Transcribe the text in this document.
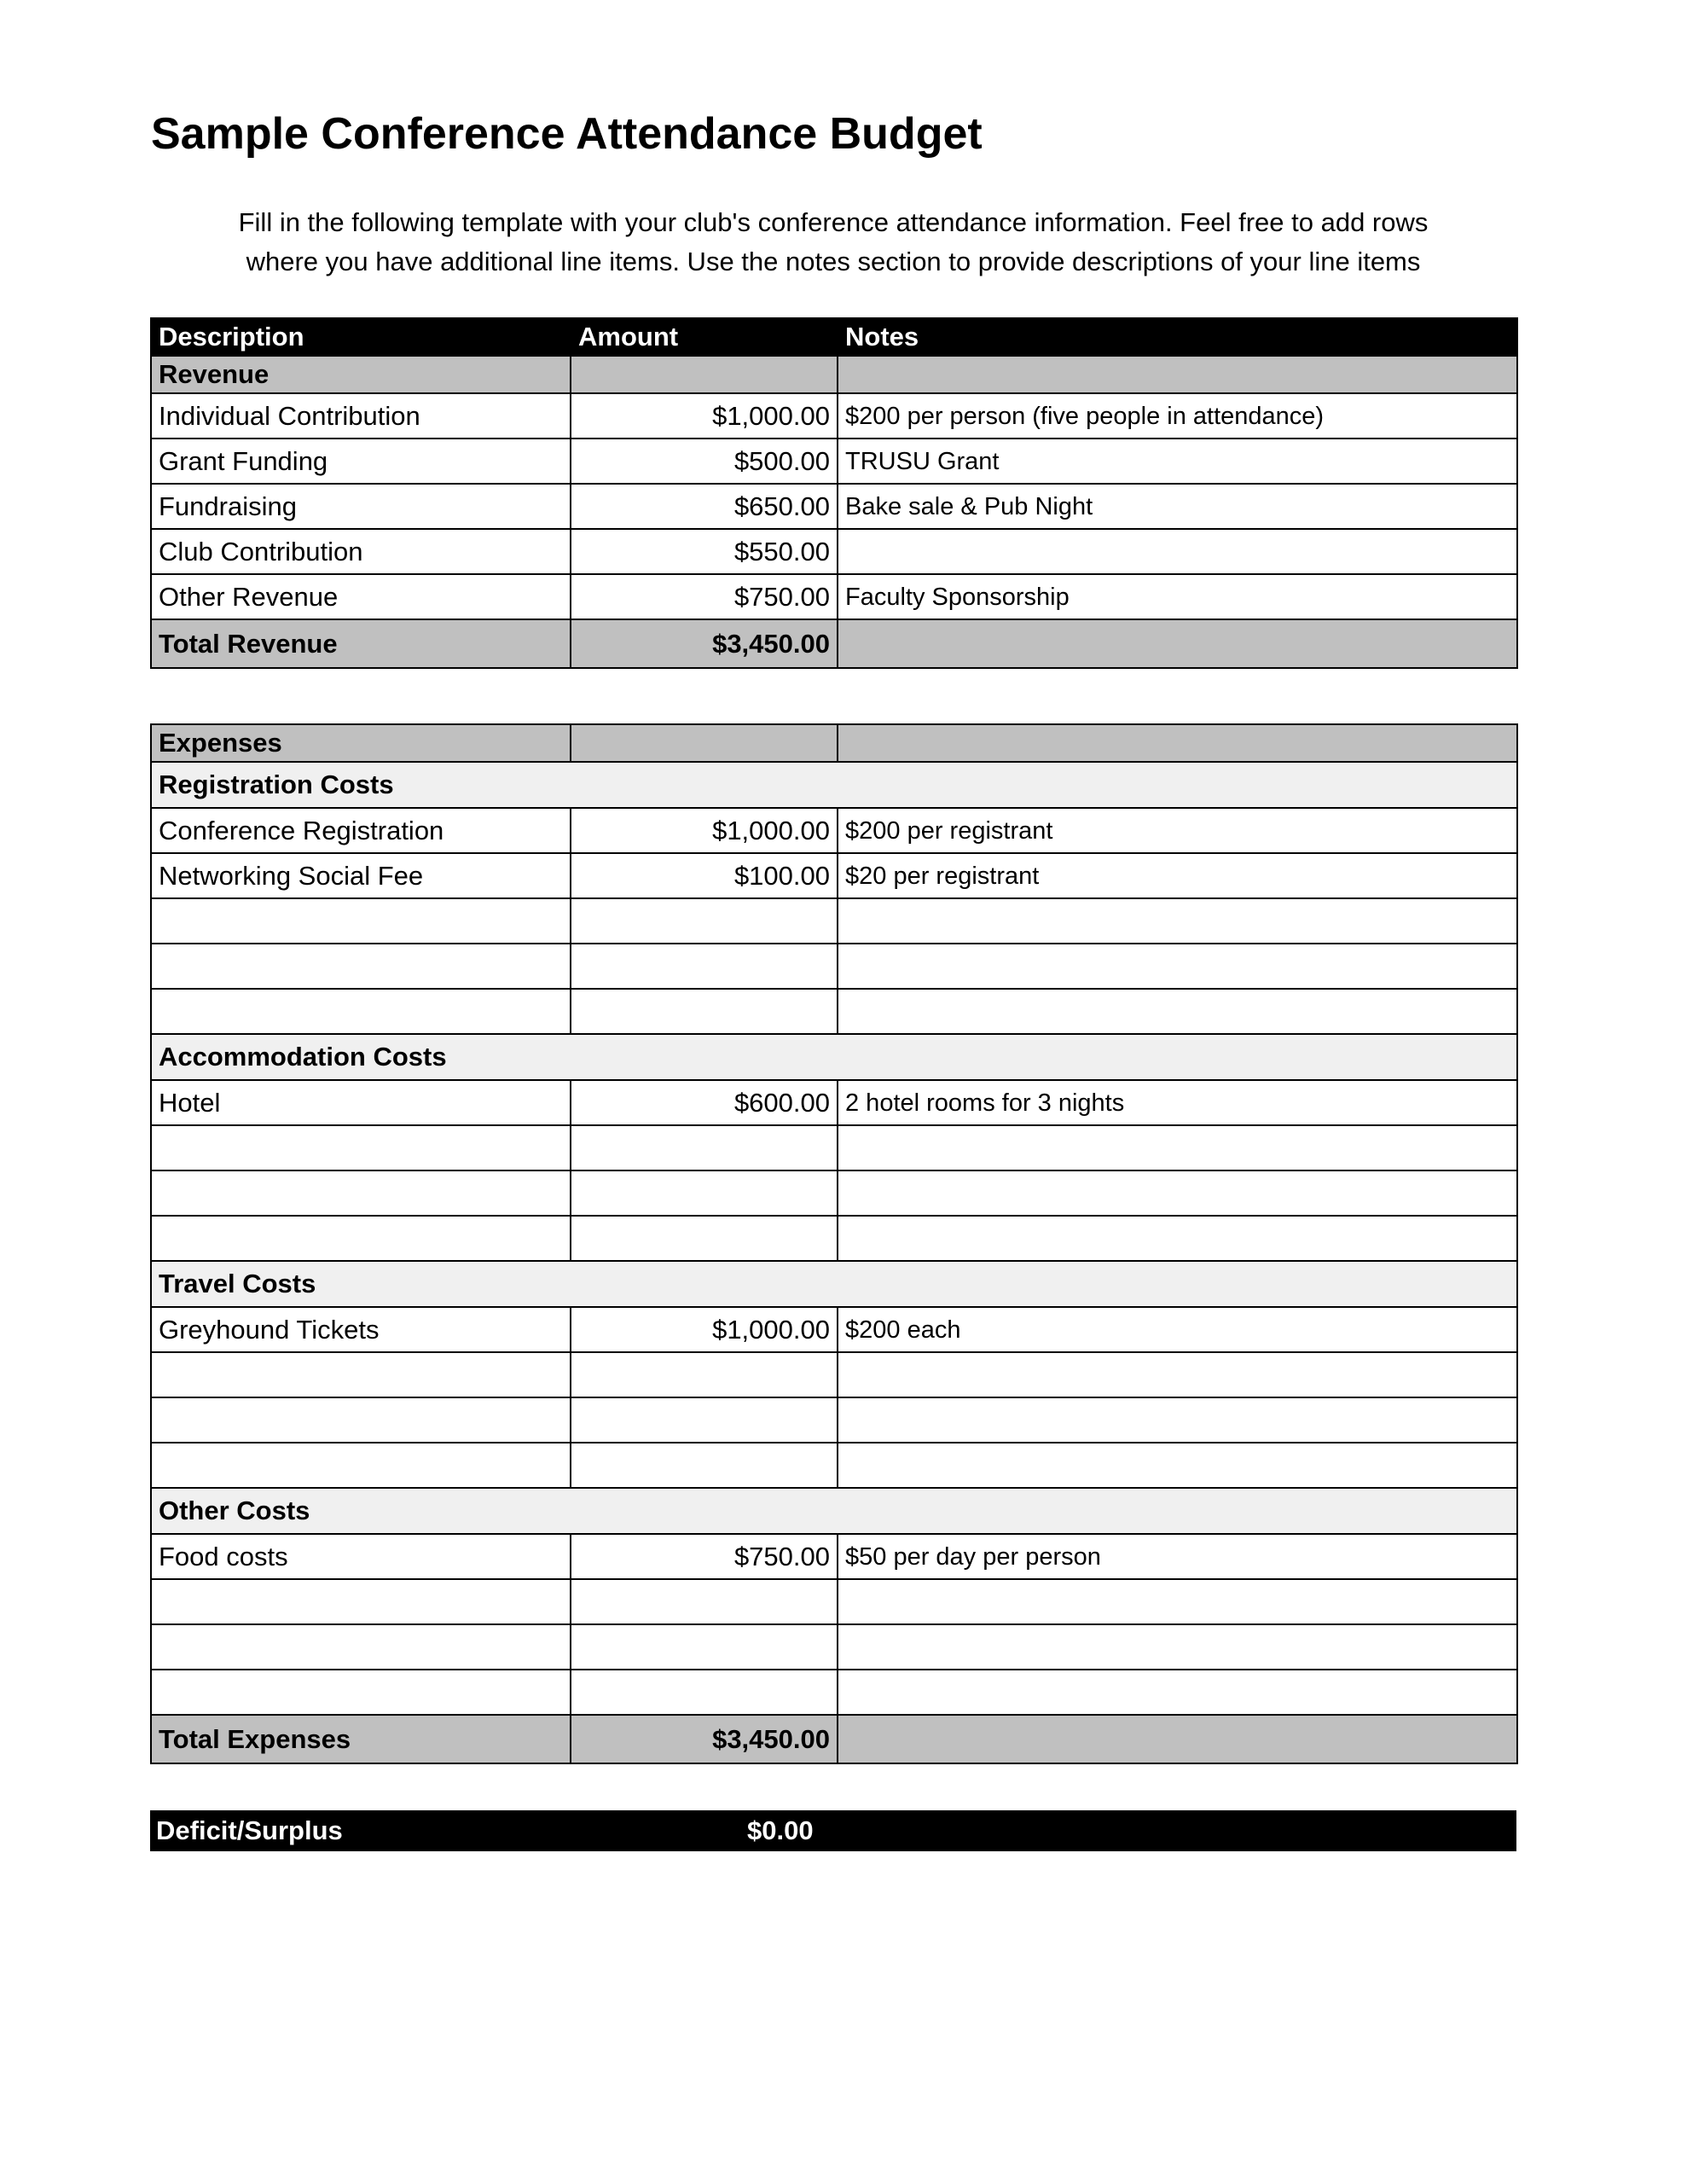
Sample Conference Attendance Budget
Fill in the following template with your club's conference attendance information. Feel free to add rows
where you have additional line items. Use the notes section to provide descriptions of your line items
Description	Amount	Notes
Revenue		
Individual Contribution	$1,000.00	$200 per person (five people in attendance)
Grant Funding	$500.00	TRUSU Grant
Fundraising	$650.00	Bake sale & Pub Night
Club Contribution	$550.00	
Other Revenue	$750.00	Faculty Sponsorship
Total Revenue	$3,450.00	
Expenses		
Registration Costs		
Conference Registration	$1,000.00	$200 per registrant
Networking Social Fee	$100.00	$20 per registrant

Accommodation Costs		
Hotel	$600.00	2 hotel rooms for 3 nights

Travel Costs		
Greyhound Tickets	$1,000.00	$200 each

Other Costs		
Food costs	$750.00	$50 per day per person

Total Expenses	$3,450.00	
Deficit/Surplus	$0.00
